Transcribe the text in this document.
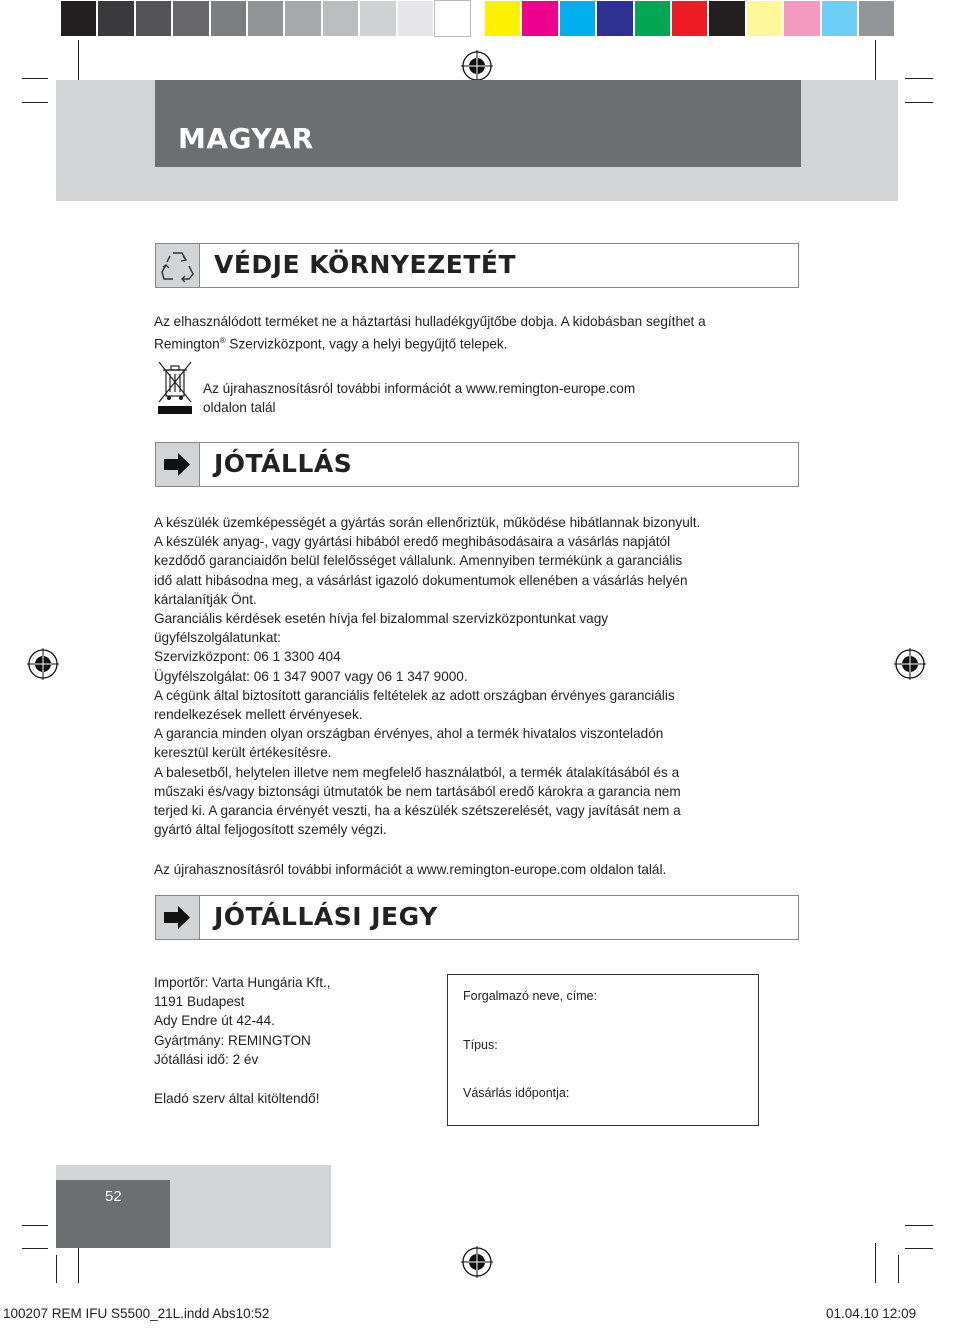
MAGYAR
VÉDJE KÖRNYEZETÉT

Az elhasználódott terméket ne a háztartási hulladékgyűjtőbe dobja. A kidobásban segíthet a

Remington® Szervizközpont, vagy a helyi begyűjtő telepek.

Az újrahasznosításról további információt a www.remington-europe.com

oldalon talál

JÓTÁLLÁS

A készülék üzemképességét a gyártás során ellenőriztük, működése hibátlannak bizonyult.

A készülék anyag-, vagy gyártási hibából eredő meghibásodásaira a vásárlás napjától

kezdődő garanciaidőn belül felelősséget vállalunk. Amennyiben termékünk a garanciális

idő alatt hibásodna meg, a vásárlást igazoló dokumentumok ellenében a vásárlás helyén

kártalanítják Önt.

Garanciális kérdések esetén hívja fel bizalommal szervizközpontunkat vagy

ügyfélszolgálatunkat:

Szervizközpont: 06 1 3300 404

Ügyfélszolgálat: 06 1 347 9007 vagy 06 1 347 9000.

A cégünk által biztosított garanciális feltételek az adott országban érvényes garanciális

rendelkezések mellett érvényesek.

A garancia minden olyan országban érvényes, ahol a termék hivatalos viszonteladón

keresztül került értékesítésre.

A balesetből, helytelen illetve nem megfelelő használatból, a termék átalakításából és a

műszaki és/vagy biztonsági útmutatók be nem tartásából eredő károkra a garancia nem

terjed ki. A garancia érvényét veszti, ha a készülék szétszerelését, vagy javítását nem a

gyártó által feljogosított személy végzi.

Az újrahasznosításról további információt a www.remington-europe.com oldalon talál.
JÓTÁLLÁSI JEGY

Importőr: Varta Hungária Kft.,

1191 Budapest

Ady Endre út 42-44.

Gyártmány: REMINGTON

Jótállási idő: 2 év

Eladó szerv által kitöltendő!
Forgalmazó neve, címe:
Típus:
Vásárlás időpontja:
52
100207 REM IFU S5500_21L.indd Abs10:52	01.04.10 12:09
